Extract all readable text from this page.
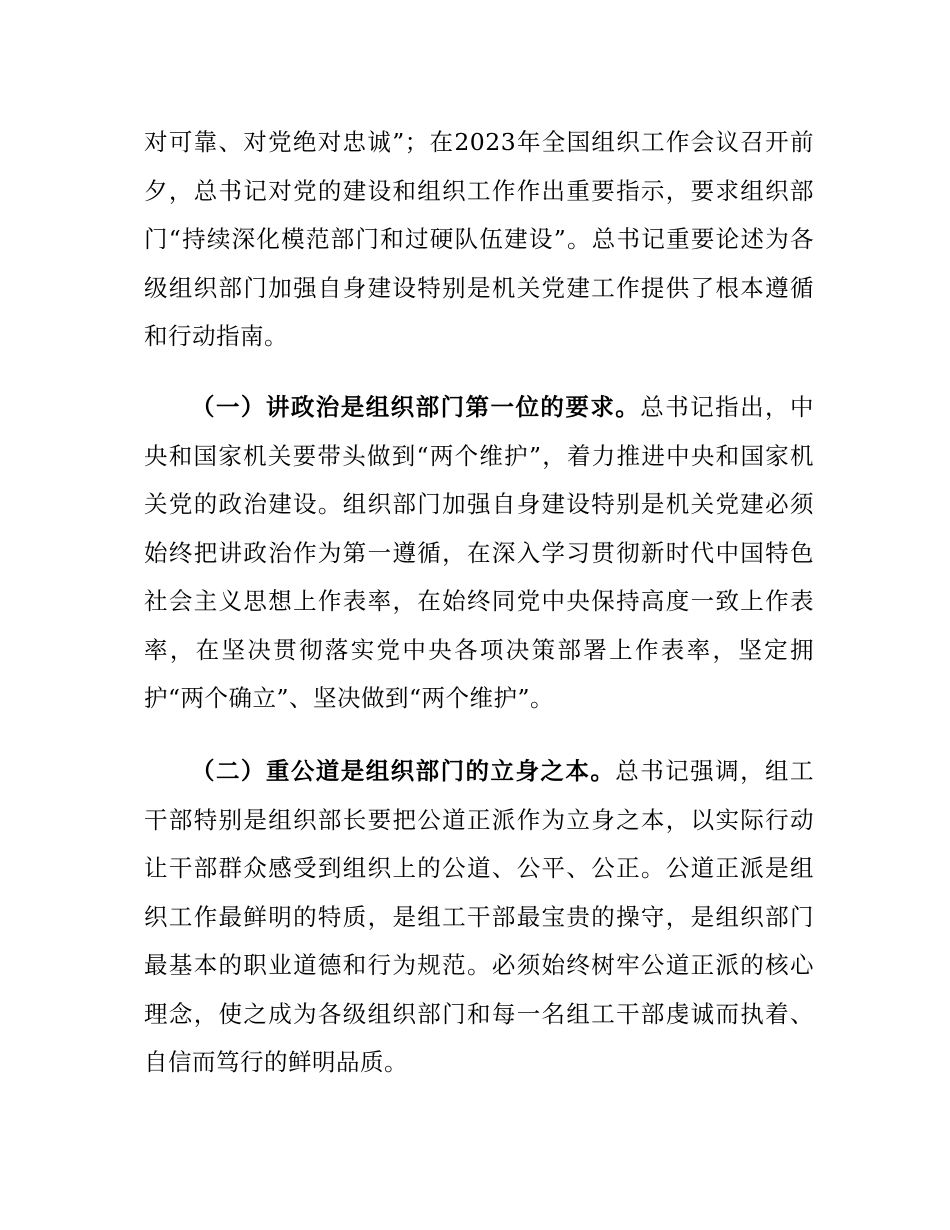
对可靠、对党绝对忠诚”；在2023年全国组织工作会议召开前夕，总书记对党的建设和组织工作作出重要指示，要求组织部门“持续深化模范部门和过硬队伍建设”。总书记重要论述为各级组织部门加强自身建设特别是机关党建工作提供了根本遵循和行动指南。

（一）讲政治是组织部门第一位的要求。总书记指出，中央和国家机关要带头做到“两个维护”，着力推进中央和国家机关党的政治建设。组织部门加强自身建设特别是机关党建必须始终把讲政治作为第一遵循，在深入学习贯彻新时代中国特色社会主义思想上作表率，在始终同党中央保持高度一致上作表率，在坚决贯彻落实党中央各项决策部署上作表率，坚定拥护“两个确立”、坚决做到“两个维护”。

（二）重公道是组织部门的立身之本。总书记强调，组工干部特别是组织部长要把公道正派作为立身之本，以实际行动让干部群众感受到组织上的公道、公平、公正。公道正派是组织工作最鲜明的特质，是组工干部最宝贵的操守，是组织部门最基本的职业道德和行为规范。必须始终树牢公道正派的核心理念，使之成为各级组织部门和每一名组工干部虔诚而执着、自信而笃行的鲜明品质。
